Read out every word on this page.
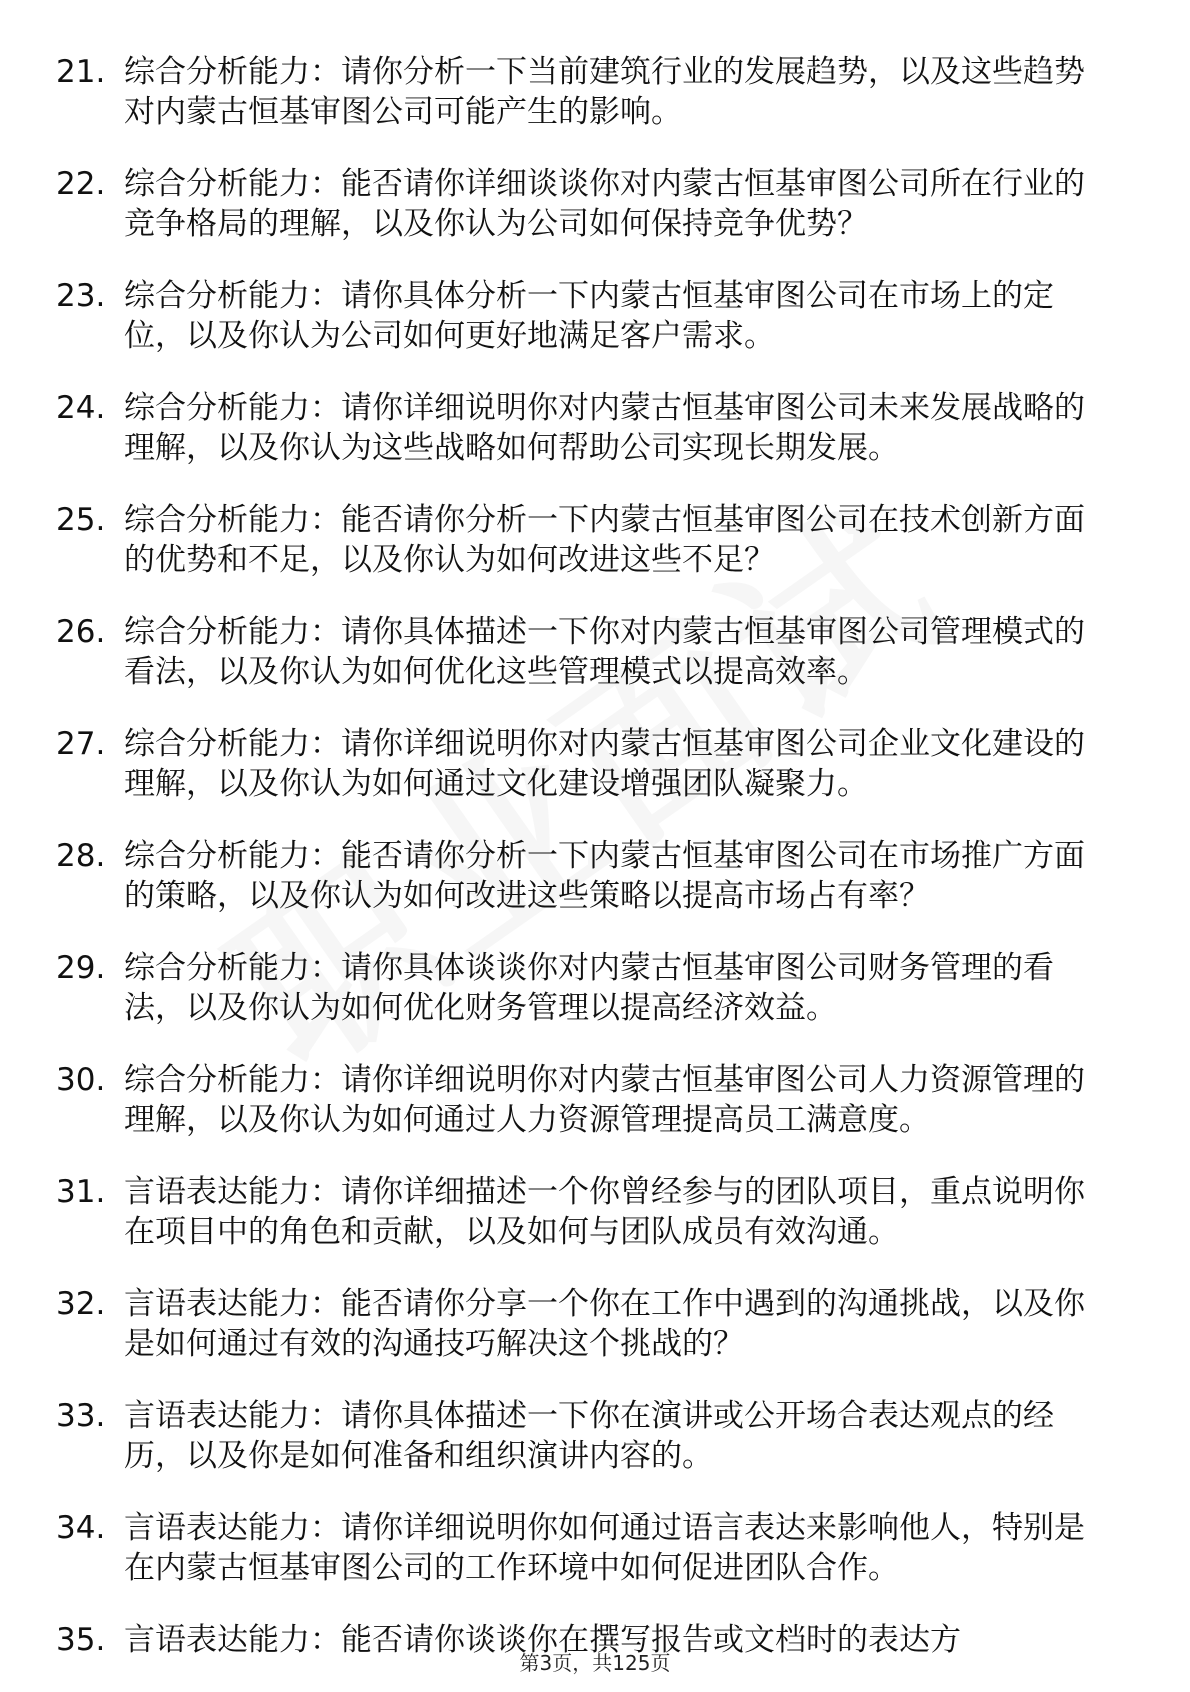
21. 综合分析能力：请你分析一下当前建筑行业的发展趋势，以及这些趋势对内蒙古恒基审图公司可能产生的影响。
22. 综合分析能力：能否请你详细谈谈你对内蒙古恒基审图公司所在行业的竞争格局的理解，以及你认为公司如何保持竞争优势？
23. 综合分析能力：请你具体分析一下内蒙古恒基审图公司在市场上的定位，以及你认为公司如何更好地满足客户需求。
24. 综合分析能力：请你详细说明你对内蒙古恒基审图公司未来发展战略的理解，以及你认为这些战略如何帮助公司实现长期发展。
25. 综合分析能力：能否请你分析一下内蒙古恒基审图公司在技术创新方面的优势和不足，以及你认为如何改进这些不足？
26. 综合分析能力：请你具体描述一下你对内蒙古恒基审图公司管理模式的看法，以及你认为如何优化这些管理模式以提高效率。
27. 综合分析能力：请你详细说明你对内蒙古恒基审图公司企业文化建设的理解，以及你认为如何通过文化建设增强团队凝聚力。
28. 综合分析能力：能否请你分析一下内蒙古恒基审图公司在市场推广方面的策略，以及你认为如何改进这些策略以提高市场占有率？
29. 综合分析能力：请你具体谈谈你对内蒙古恒基审图公司财务管理的看法，以及你认为如何优化财务管理以提高经济效益。
30. 综合分析能力：请你详细说明你对内蒙古恒基审图公司人力资源管理的理解，以及你认为如何通过人力资源管理提高员工满意度。
31. 言语表达能力：请你详细描述一个你曾经参与的团队项目，重点说明你在项目中的角色和贡献，以及如何与团队成员有效沟通。
32. 言语表达能力：能否请你分享一个你在工作中遇到的沟通挑战，以及你是如何通过有效的沟通技巧解决这个挑战的？
33. 言语表达能力：请你具体描述一下你在演讲或公开场合表达观点的经历，以及你是如何准备和组织演讲内容的。
34. 言语表达能力：请你详细说明你如何通过语言表达来影响他人，特别是在内蒙古恒基审图公司的工作环境中如何促进团队合作。
35. 言语表达能力：能否请你谈谈你在撰写报告或文档时的表达方
第3页，共125页
